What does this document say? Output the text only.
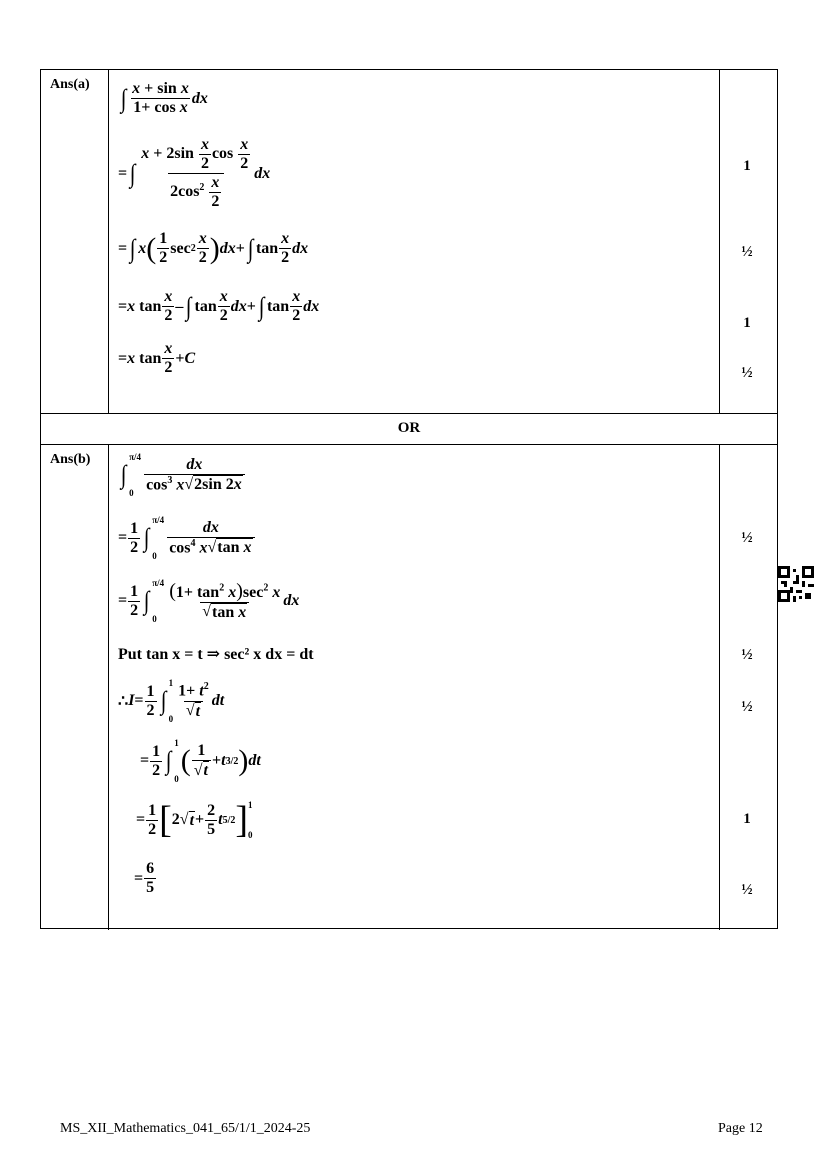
OR
Ans(a) ∫ $\frac{\text{x + sin x}}{\text{1+ cos x}}$ dx
= ∫ $\frac{x + 2\sin \frac{x}{2} \cos \frac{x}{2}}{2\cos^2 \frac{x}{2}}$ dx
= ∫ x ( $\frac{1}{2}$ $\sec 2 \frac{x}{2}$ ) dx + ∫ $\tan \frac{x}{2}$ dx
= x $\tan \frac{x}{2}$ – ∫ $\tan \frac{x}{2}$ dx + ∫ $\tan \frac{x}{2}$ dx
= x $\tan \frac{x}{2} + C$
1
½
1
½
Ans(b)
∫
π/4
$0 \frac{dx}{\cos^3 x√ 2\sin 2x}$
= $\frac{1}{2}$ ∫
π/4
$0 \frac{dx}{\cos^4 x√ \tan x}$
= $\frac{1}{2}$ ∫
π/4
$0 \frac{(1+ \tan^2 x)\sec^2 x}{\text{√ tan x}}$ dx
Put tan x = t ⇒ sec² x dx = dt
∴ $I = \frac{1}{2}$ ∫
1
$0 \frac{1+ t^2}{√ t}$ dt
= $\frac{1}{2}$ ∫
1
0
( $\frac{1}{√ t} + t$ 3/2 ) dt
= $\frac{1}{2}$ [ 2 √ $t + \frac{2}{5}$ t 5/2 ] 1
0
= $\frac{6}{5}$
½
½
½
1
½
MS_XII_Mathematics_041_65/1/1_2024-25	Page 12
